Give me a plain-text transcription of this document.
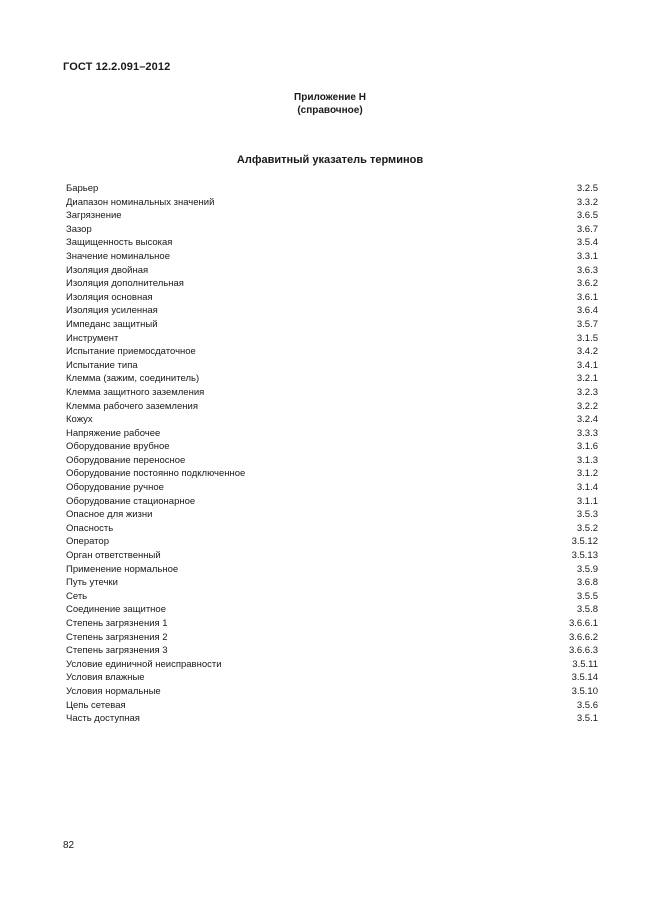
ГОСТ 12.2.091–2012
Приложение Н
(справочное)
Алфавитный указатель терминов
Барьер	3.2.5
Диапазон номинальных значений	3.3.2
Загрязнение	3.6.5
Зазор	3.6.7
Защищенность высокая	3.5.4
Значение номинальное	3.3.1
Изоляция двойная	3.6.3
Изоляция дополнительная	3.6.2
Изоляция основная	3.6.1
Изоляция усиленная	3.6.4
Импеданс защитный	3.5.7
Инструмент	3.1.5
Испытание приемосдаточное	3.4.2
Испытание типа	3.4.1
Клемма (зажим, соединитель)	3.2.1
Клемма защитного заземления	3.2.3
Клемма рабочего заземления	3.2.2
Кожух	3.2.4
Напряжение рабочее	3.3.3
Оборудование врубное	3.1.6
Оборудование переносное	3.1.3
Оборудование постоянно подключенное	3.1.2
Оборудование ручное	3.1.4
Оборудование стационарное	3.1.1
Опасное для жизни	3.5.3
Опасность	3.5.2
Оператор	3.5.12
Орган ответственный	3.5.13
Применение нормальное	3.5.9
Путь утечки	3.6.8
Сеть	3.5.5
Соединение защитное	3.5.8
Степень загрязнения 1	3.6.6.1
Степень загрязнения 2	3.6.6.2
Степень загрязнения 3	3.6.6.3
Условие единичной неисправности	3.5.11
Условия влажные	3.5.14
Условия нормальные	3.5.10
Цепь сетевая	3.5.6
Часть доступная	3.5.1
82
